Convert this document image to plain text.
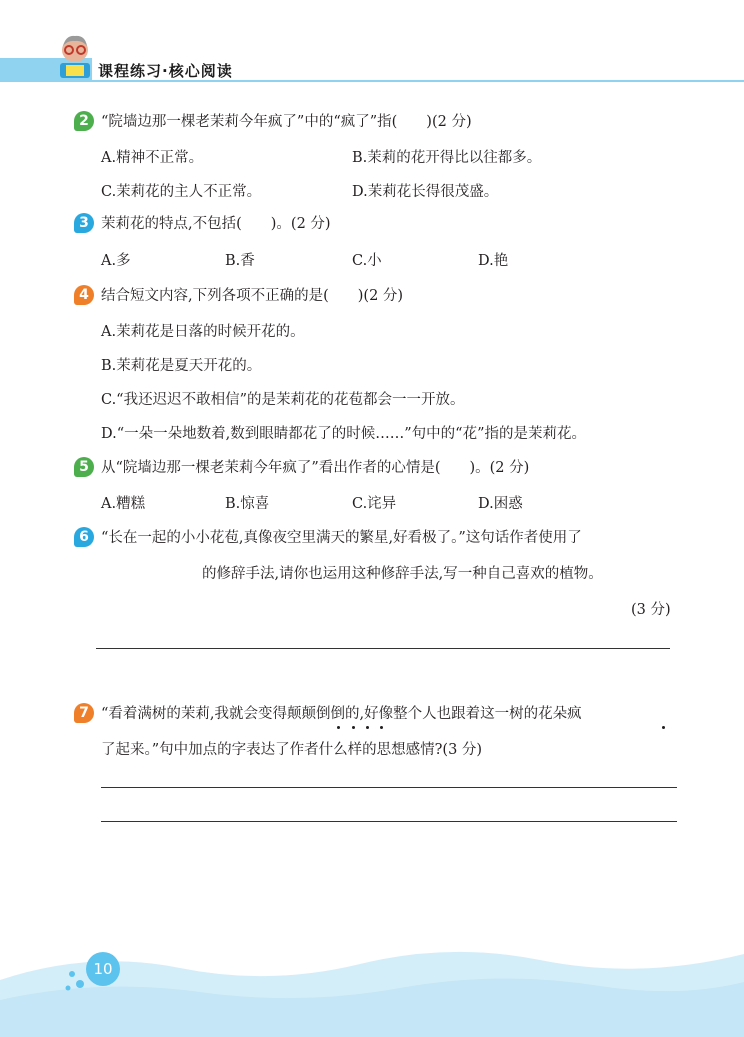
课程练习·核心阅读
2 “院墙边那一棵老茉莉今年疯了”中的“疯了”指(　　)(2 分)
A.精神不正常。	B.茉莉的花开得比以往都多。
C.茉莉花的主人不正常。	D.茉莉花长得很茂盛。
3 茉莉花的特点,不包括(　　)。(2 分)
A.多	B.香	C.小	D.艳
4 结合短文内容,下列各项不正确的是(　　)(2 分)
A.茉莉花是日落的时候开花的。
B.茉莉花是夏天开花的。
C.“我还迟迟不敢相信”的是茉莉花的花苞都会一一开放。
D.“一朵一朵地数着,数到眼睛都花了的时候……”句中的“花”指的是茉莉花。
5 从“院墙边那一棵老茉莉今年疯了”看出作者的心情是(　　)。(2 分)
A.糟糕	B.惊喜	C.诧异	D.困惑
6 “长在一起的小小花苞,真像夜空里满天的繁星,好看极了。”这句话作者使用了
的修辞手法,请你也运用这种修辞手法,写一种自己喜欢的植物。
(3 分)
7 “看着满树的茉莉,我就会变得颠颠倒倒的,好像整个人也跟着这一树的花朵疯
了起来。”句中加点的字表达了作者什么样的思想感情?(3 分)
10
